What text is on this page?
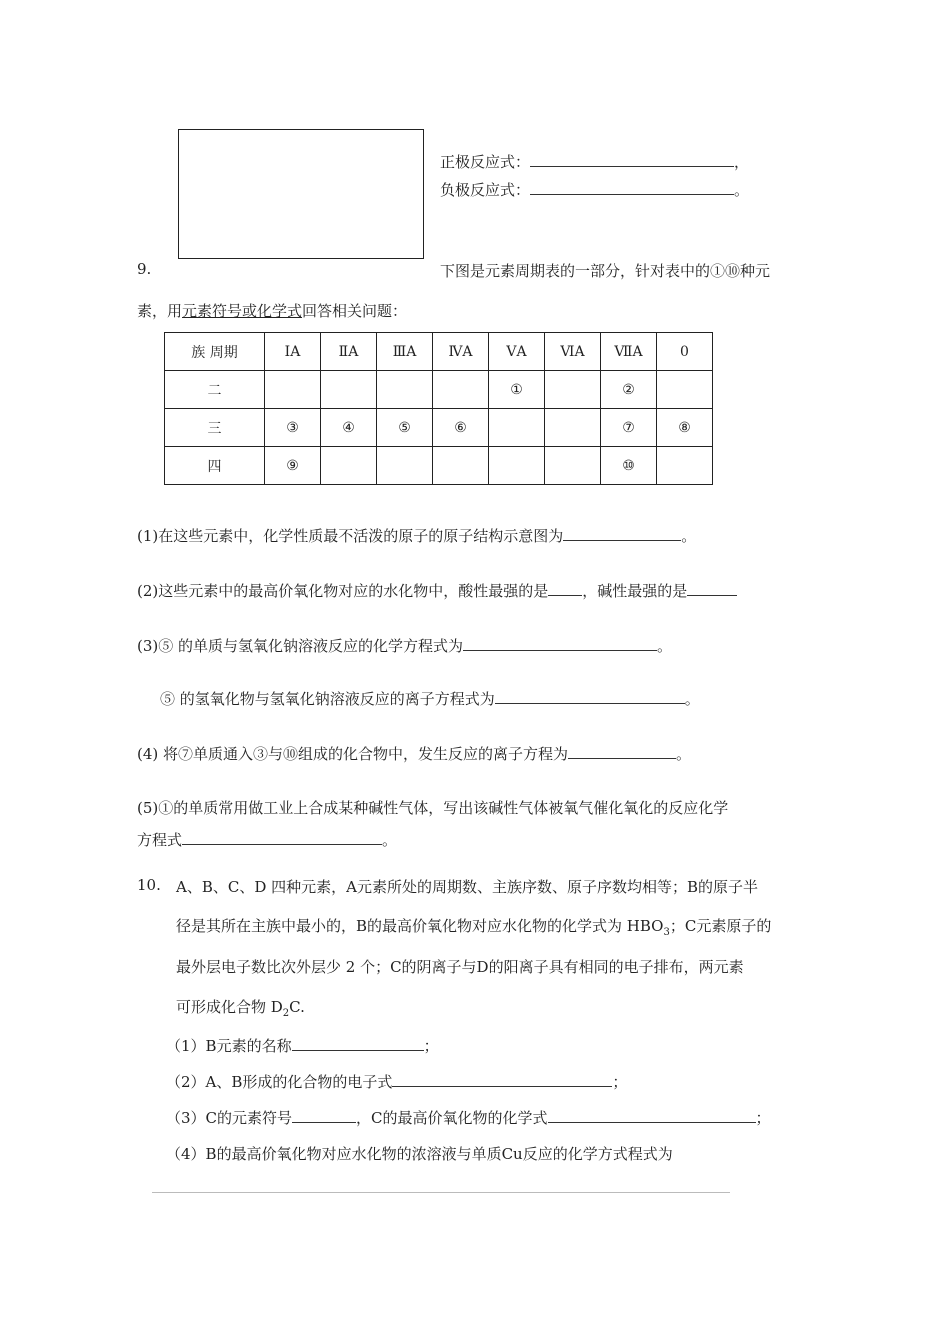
正极反应式：	，
负极反应式：	。
9.	下图是元素周期表的一部分，针对表中的①⑩种元
素，用元素符号或化学式回答相关问题：
族 周期	ⅠA	ⅡA	ⅢA	ⅣA	ⅤA	ⅥA	ⅦA	0
二					①		②	
三	③	④	⑤	⑥			⑦	⑧
四	⑨						⑩	
(1)在这些元素中，化学性质最不活泼的原子的原子结构示意图为	。
(2)这些元素中的最高价氧化物对应的水化物中，酸性最强的是 ，碱性最强的是
(3)⑤ 的单质与氢氧化钠溶液反应的化学方程式为	。
⑤ 的氢氧化物与氢氧化钠溶液反应的离子方程式为	。
(4) 将⑦单质通入③与⑩组成的化合物中，发生反应的离子方程为	。
(5)①的单质常用做工业上合成某种碱性气体，写出该碱性气体被氧气催化氧化的反应化学
方程式	。
10. A、B、C、D 四种元素，A元素所处的周期数、主族序数、原子序数均相等；B的原子半
径是其所在主族中最小的，B的最高价氧化物对应水化物的化学式为 $HBO_3$；C元素原子的
最外层电子数比次外层少 2 个；C的阴离子与D的阳离子具有相同的电子排布，两元素
可形成化合物 $D_2C$.
（1）B元素的名称	；
（2）A、B形成的化合物的电子式	；
（3）C的元素符号	，C的最高价氧化物的化学式	；
（4）B的最高价氧化物对应水化物的浓溶液与单质Cu反应的化学方式程式为
